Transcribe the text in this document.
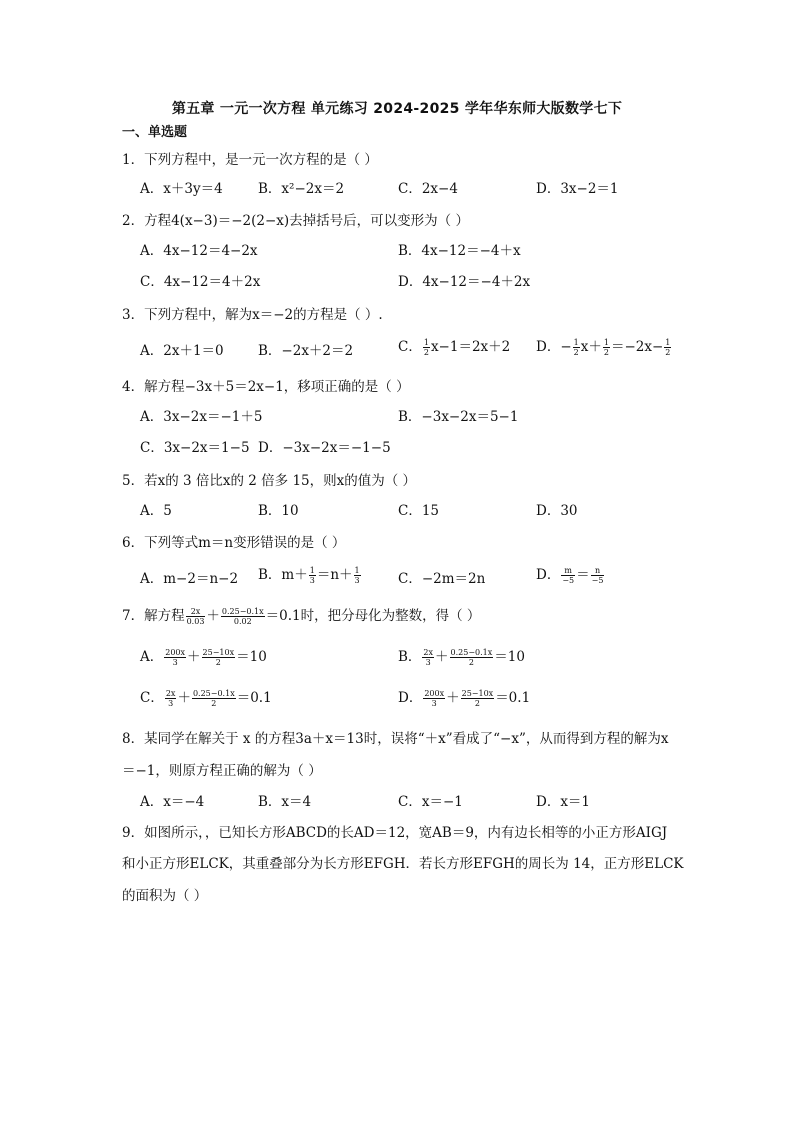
第五章 一元一次方程 单元练习 2024-2025 学年华东师大版数学七下
一、单选题
1．下列方程中，是一元一次方程的是（ ）
A．x＋3y＝4	B．x²−2x＝2	C．2x−4	D．3x−2＝1
2．方程4(x−3)＝−2(2−x)去掉括号后，可以变形为（ ）
A．4x−12＝4−2x	B．4x−12＝−4＋x
C．4x−12＝4＋2x	D．4x−12＝−4＋2x
3．下列方程中，解为x＝−2的方程是（ ）.
A．2x＋1＝0	B．−2x＋2＝2	C． $\frac{1}{2} x-1=2x+2$ D．− $\frac{1}{2} x+ \frac{1}{2} =-2x- \frac{1}{2}$
4．解方程−3x＋5＝2x−1，移项正确的是（ ）
A．3x−2x＝−1＋5	B．−3x−2x＝5−1
C．3x−2x＝1−5 D．−3x−2x＝−1−5
5．若x的 3 倍比x的 2 倍多 15，则x的值为（ ）
A．5	B．10	C．15	D．30
6．下列等式m＝n变形错误的是（ ）
A．m−2＝n−2 B．$m+ \frac{1}{3} =n+ \frac{1}{3}$	C．−2m＝2n	D． $\frac{m}{-5} = \frac{n}{-5}$
7．解方程 $\frac{2x}{0.03} + \frac{0.25-0.1x}{0.02} =0.1$时，把分母化为整数，得（ ）
A． $\frac{200x}{3} + \frac{25-10x}{2} =10$	B． $\frac{2x}{3} + \frac{0.25-0.1x}{2} =10$
C． $\frac{2x}{3} + \frac{0.25-0.1x}{2} =0.1$	D． $\frac{200x}{3} + \frac{25-10x}{2} =0.1$
8．某同学在解关于 x 的方程3a＋x＝13时，误将“＋x”看成了“−x”，从而得到方程的解为x
＝−1，则原方程正确的解为（ ）
A．x＝−4	B．x＝4	C．x＝−1	D．x＝1
9．如图所示，，已知长方形ABCD的长AD＝12，宽AB＝9，内有边长相等的小正方形AIGJ
和小正方形ELCK，其重叠部分为长方形EFGH．若长方形EFGH的周长为 14，正方形ELCK
的面积为（ ）
